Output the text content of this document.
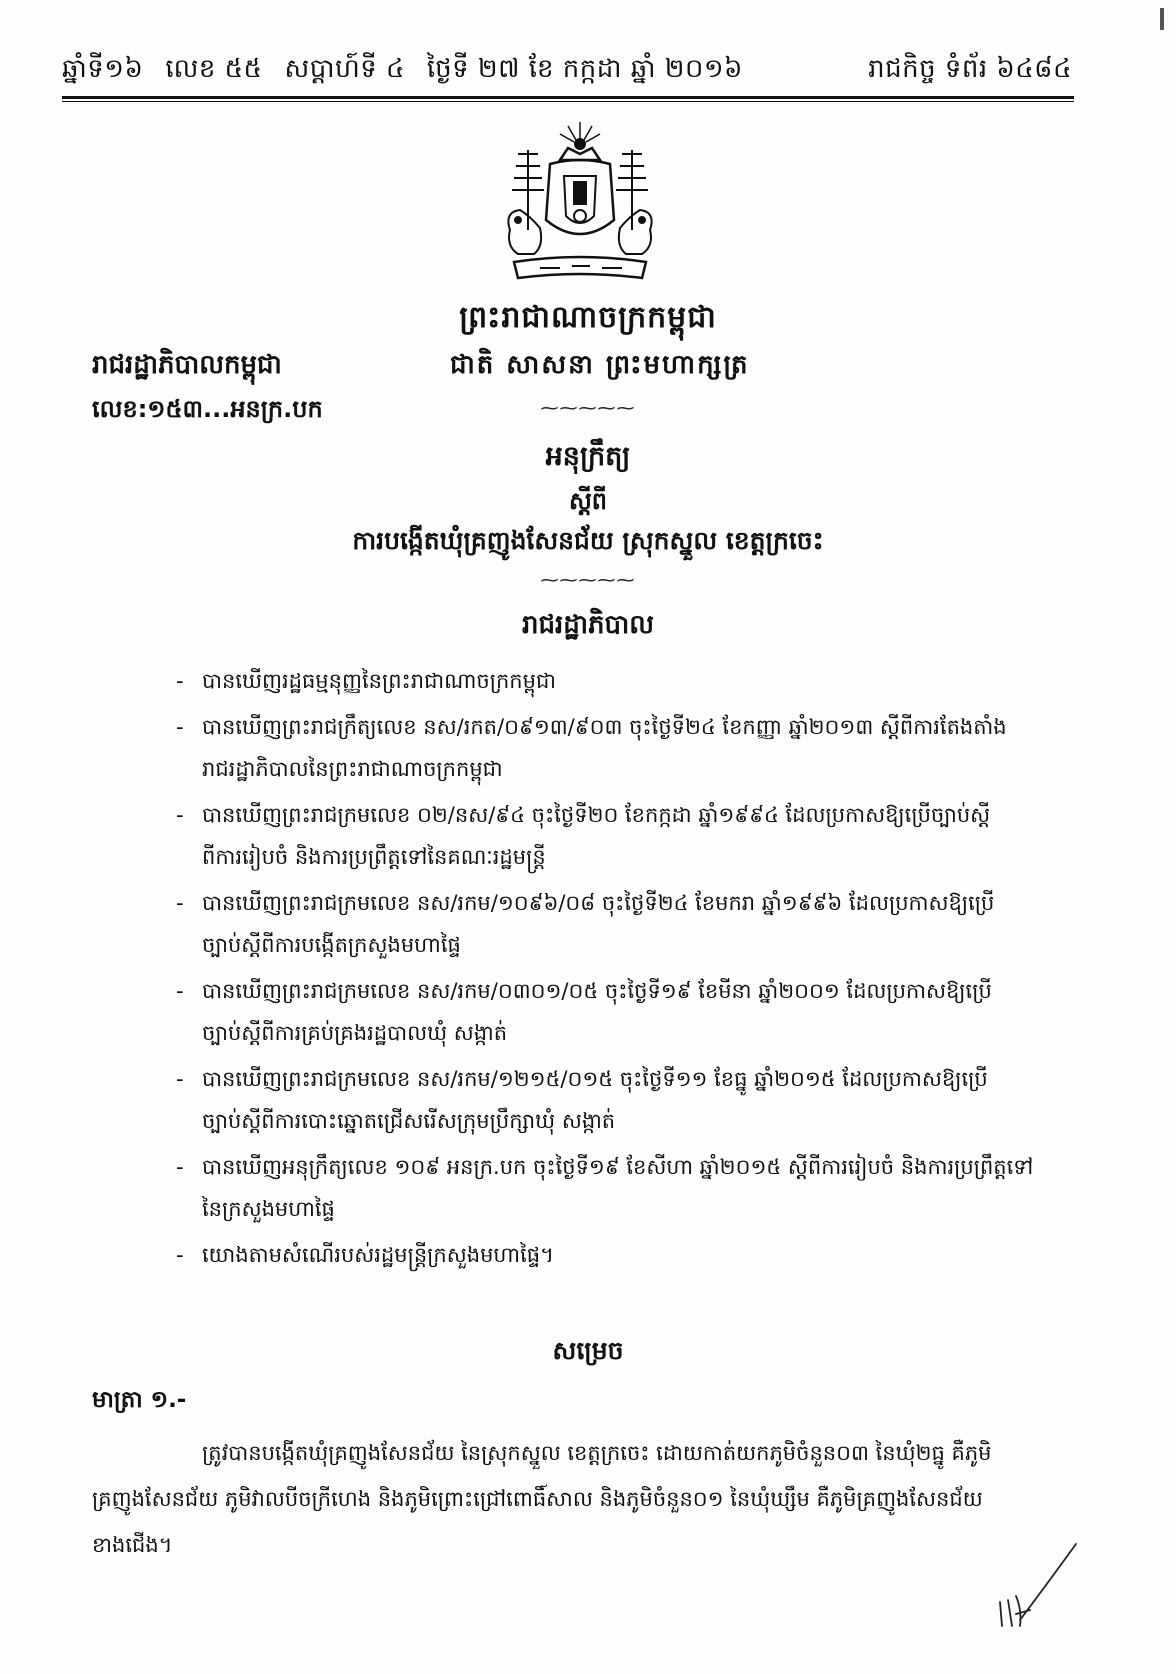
ឆ្នាំទី១៦ លេខ ៥៥ សប្តាហ៍ទី ៤ ថ្ងៃទី ២៧ ខែ កក្កដា ឆ្នាំ ២០១៦	រាជកិច្ច ទំព័រ ៦៤៨៤
ព្រះរាជាណាចក្រកម្ពុជា
រាជរដ្ឋាភិបាលកម្ពុជា	ជាតិ សាសនា ព្រះមហាក្សត្រ
លេខ:១៥៣...អនក្រ.បក	⁓⁓⁓⁓⁓
អនុក្រឹត្យ
ស្តីពី
ការបង្កើតឃុំគ្រញូងសែនជ័យ ស្រុកស្នួល ខេត្តក្រចេះ
⁓⁓⁓⁓⁓
រាជរដ្ឋាភិបាល
- បានឃើញរដ្ឋធម្មនុញ្ញនៃព្រះរាជាណាចក្រកម្ពុជា
- បានឃើញព្រះរាជក្រឹត្យលេខ នស/រកត/០៩១៣/៩០៣ ចុះថ្ងៃទី២៤ ខែកញ្ញា ឆ្នាំ២០១៣ ស្តីពីការតែងតាំង
រាជរដ្ឋាភិបាលនៃព្រះរាជាណាចក្រកម្ពុជា
- បានឃើញព្រះរាជក្រមលេខ ០២/នស/៩៤ ចុះថ្ងៃទី២០ ខែកក្កដា ឆ្នាំ១៩៩៤ ដែលប្រកាសឱ្យប្រើច្បាប់ស្តី
ពីការរៀបចំ និងការប្រព្រឹត្តទៅនៃគណៈរដ្ឋមន្ត្រី
- បានឃើញព្រះរាជក្រមលេខ នស/រកម/១០៩៦/០៨ ចុះថ្ងៃទី២៤ ខែមករា ឆ្នាំ១៩៩៦ ដែលប្រកាសឱ្យប្រើ
ច្បាប់ស្តីពីការបង្កើតក្រសួងមហាផ្ទៃ
- បានឃើញព្រះរាជក្រមលេខ នស/រកម/០៣០១/០៥ ចុះថ្ងៃទី១៩ ខែមីនា ឆ្នាំ២០០១ ដែលប្រកាសឱ្យប្រើ
ច្បាប់ស្តីពីការគ្រប់គ្រងរដ្ឋបាលឃុំ សង្កាត់
- បានឃើញព្រះរាជក្រមលេខ នស/រកម/១២១៥/០១៥ ចុះថ្ងៃទី១១ ខែធ្នូ ឆ្នាំ២០១៥ ដែលប្រកាសឱ្យប្រើ
ច្បាប់ស្តីពីការបោះឆ្នោតជ្រើសរើសក្រុមប្រឹក្សាឃុំ សង្កាត់
- បានឃើញអនុក្រឹត្យលេខ ១០៩ អនក្រ.បក ចុះថ្ងៃទី១៩ ខែសីហា ឆ្នាំ២០១៥ ស្តីពីការរៀបចំ និងការប្រព្រឹត្តទៅ
នៃក្រសួងមហាផ្ទៃ
- យោងតាមសំណើរបស់រដ្ឋមន្ត្រីក្រសួងមហាផ្ទៃ។
សម្រេច
មាត្រា ១.-

ត្រូវបានបង្កើតឃុំគ្រញូងសែនជ័យ នៃស្រុកស្នួល ខេត្តក្រចេះ ដោយកាត់យកភូមិចំនួន០៣ នៃឃុំ២ធ្នូ គឺភូមិ

គ្រញូងសែនជ័យ ភូមិវាលបីចក្រីហេង និងភូមិព្រោះជ្រៅពោធិ៍សាល និងភូមិចំនួន០១ នៃឃុំឃ្សឹម គឺភូមិគ្រញូងសែនជ័យ

ខាងជើង។
